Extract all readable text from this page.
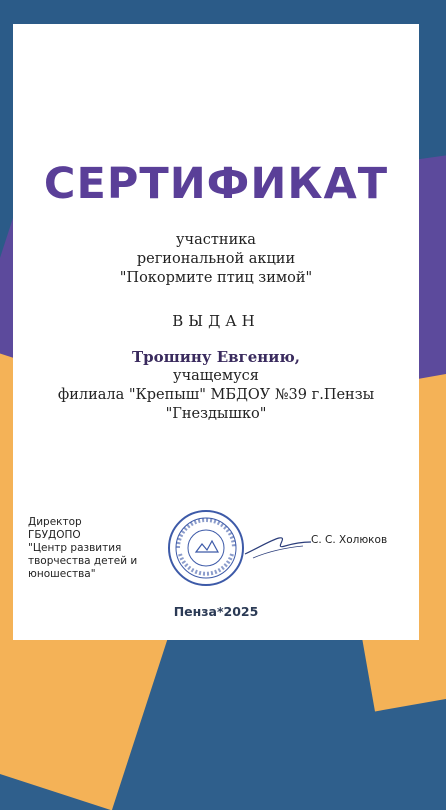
СЕРТИФИКАТ
участника
региональной акции
"Покормите птиц зимой"
ВЫДАН
Трошину Евгению,
учащемуся
филиала "Крепыш" МБДОУ №39 г.Пензы
"Гнездышко"
Директор
ГБУДОПО
"Центр развития
творчества детей и
юношества"
С. С. Холюков
Пенза*2025
